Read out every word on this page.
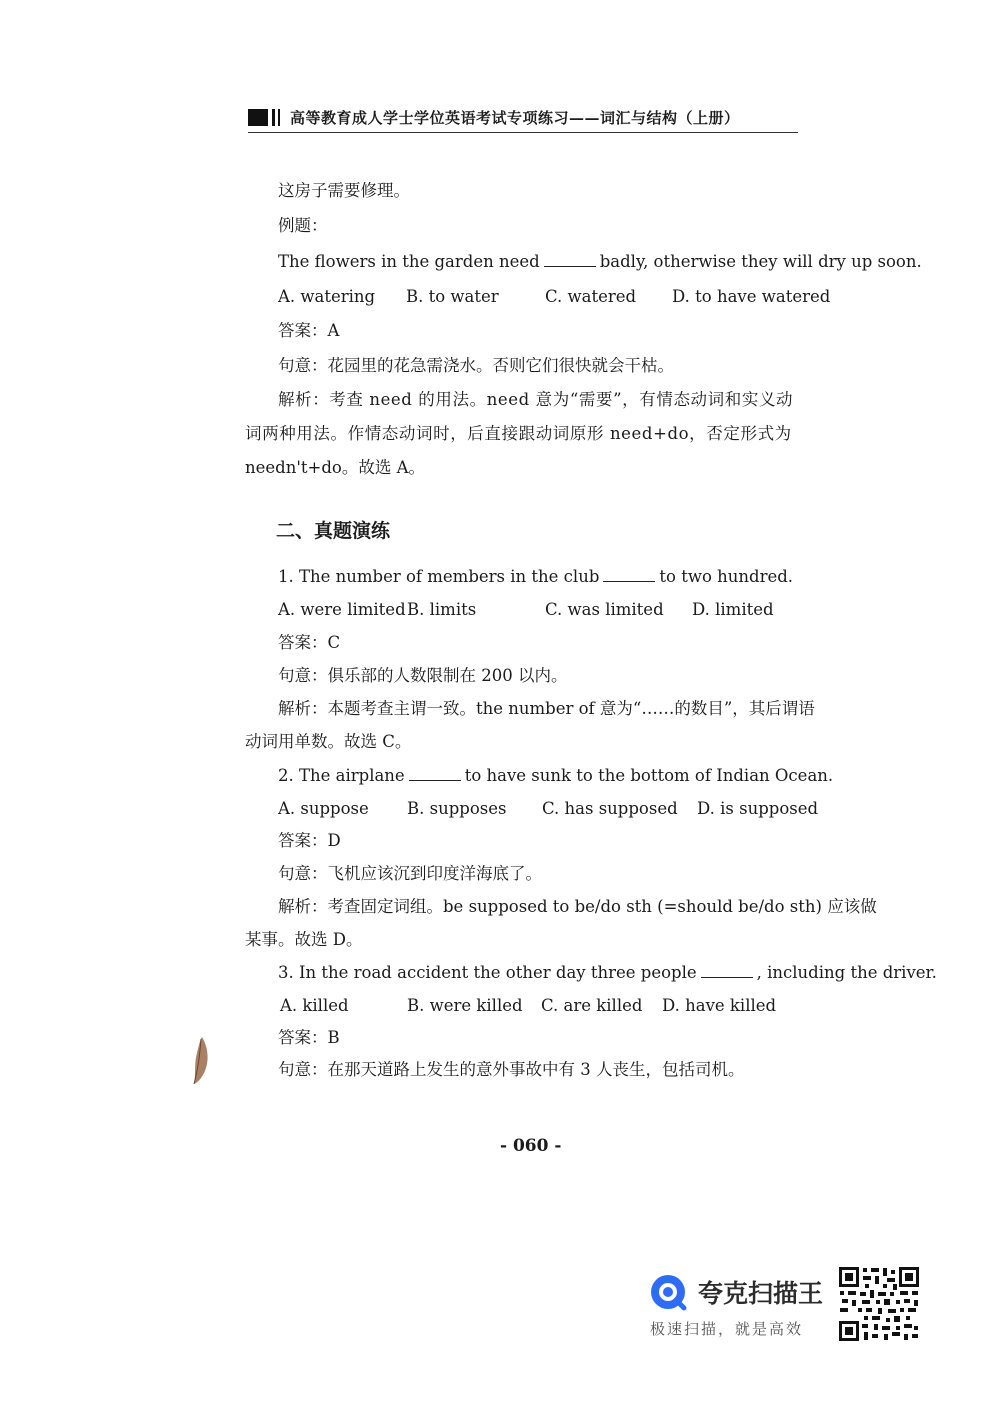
高等教育成人学士学位英语考试专项练习——词汇与结构（上册）
这房子需要修理。
例题：
The flowers in the garden need	badly, otherwise they will dry up soon.
A. watering B. to water	C. watered D. to have watered
答案：A
句意：花园里的花急需浇水。否则它们很快就会干枯。
解析：考查 need 的用法。need 意为“需要”，有情态动词和实义动
词两种用法。作情态动词时，后直接跟动词原形 need+do，否定形式为
needn't+do。故选 A。
二、真题演练
1. The number of members in the club	to two hundred.
A. were limited B. limits	C. was limited D. limited
答案：C
句意：俱乐部的人数限制在 200 以内。
解析：本题考查主谓一致。the number of 意为“……的数目”，其后谓语
动词用单数。故选 C。
2. The airplane	to have sunk to the bottom of Indian Ocean.
A. suppose B. supposes C. has supposed D. is supposed
答案：D
句意：飞机应该沉到印度洋海底了。
解析：考查固定词组。be supposed to be/do sth (=should be/do sth) 应该做
某事。故选 D。
3. In the road accident the other day three people	, including the driver.
A. killed	B. were killed C. are killed D. have killed
答案：B
句意：在那天道路上发生的意外事故中有 3 人丧生，包括司机。
- 060 -
夸克扫描王
极速扫描，就是高效
